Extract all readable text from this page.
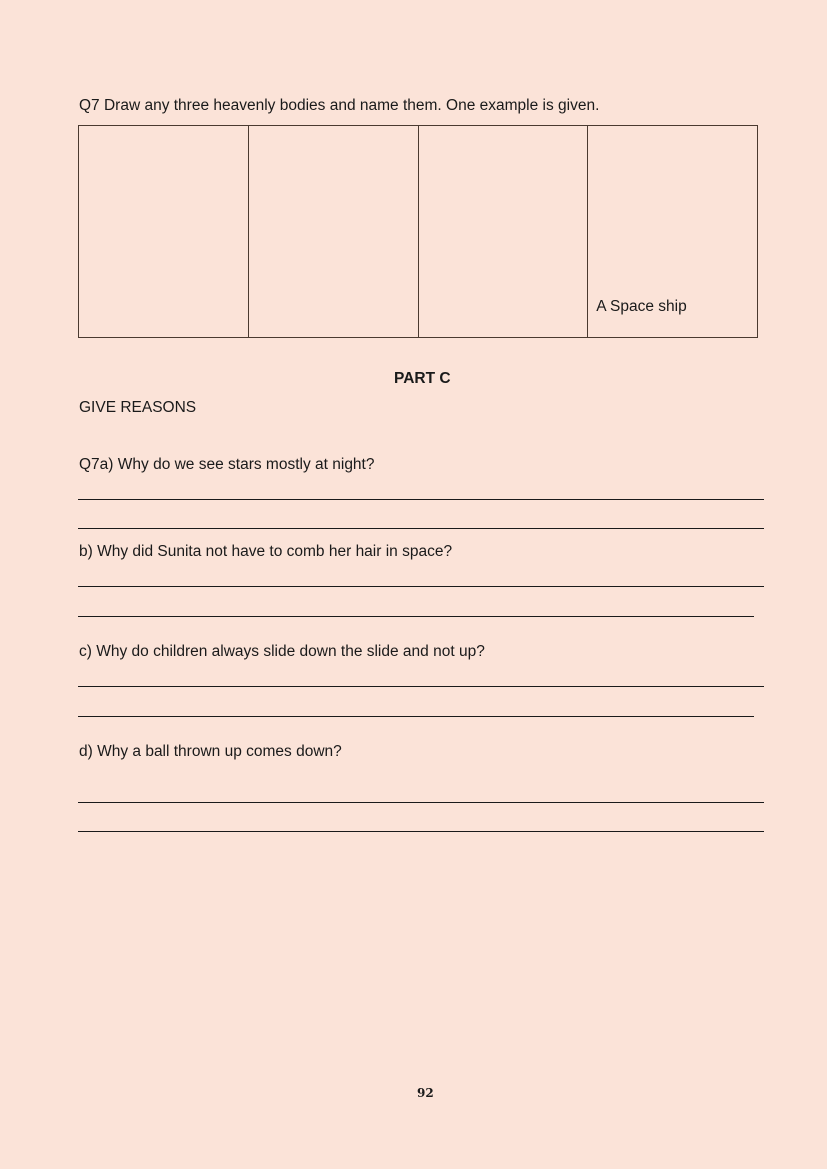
Q7 Draw any three heavenly bodies and name them. One example is given.
A Space ship
PART C
GIVE REASONS
Q7a) Why do we see stars mostly at night?
b) Why did Sunita not have to comb her hair in space?
c) Why do children always slide down the slide and not up?
d) Why a ball thrown up comes down?
92
